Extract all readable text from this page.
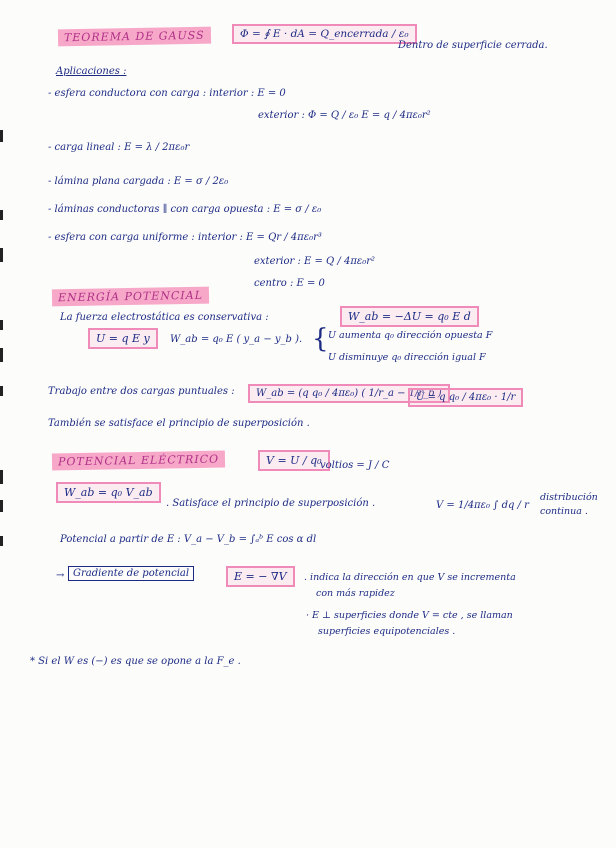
TEOREMA DE GAUSS	Φ = ∮ E · dA = Q_encerrada / ε₀
Dentro de superficie cerrada.
Aplicaciones :
- esfera conductora con carga : interior : E = 0
exterior : Φ = Q / ε₀ E = q / 4πε₀r²
- carga lineal : E = λ / 2πε₀r
- lámina plana cargada : E = σ / 2ε₀
- láminas conductoras ∥ con carga opuesta : E = σ / ε₀
- esfera con carga uniforme : interior : E = Qr / 4πε₀r³
exterior : E = Q / 4πε₀r²
centro : E = 0
ENERGÍA POTENCIAL
La fuerza electrostática es conservativa :	W_ab = −ΔU = q₀ E d
U = q E y	W_ab = q₀ E ( y_a − y_b ). { U aumenta q₀ dirección opuesta F
U disminuye q₀ dirección igual F
Trabajo entre dos cargas puntuales :	W_ab = (q q₀ / 4πε₀) ( 1/r_a − 1/r_b )
U = q q₀ / 4πε₀ · 1/r
También se satisface el principio de superposición .
POTENCIAL ELÉCTRICO	V = U / q₀
voltios = J / C
W_ab = q₀ V_ab
. Satisface el principio de superposición .	V = 1/4πε₀ ∫ dq / r
distribución
continua .
Potencial a partir de E : V_a − V_b = ∫ₐᵇ E cos α dl
→ Gradiente de potencial	E = − ∇V	. indica la dirección en que V se incrementa
con más rapidez
· E ⊥ superficies donde V = cte , se llaman
superficies equipotenciales .
* Si el W es (−) es que se opone a la F_e .
